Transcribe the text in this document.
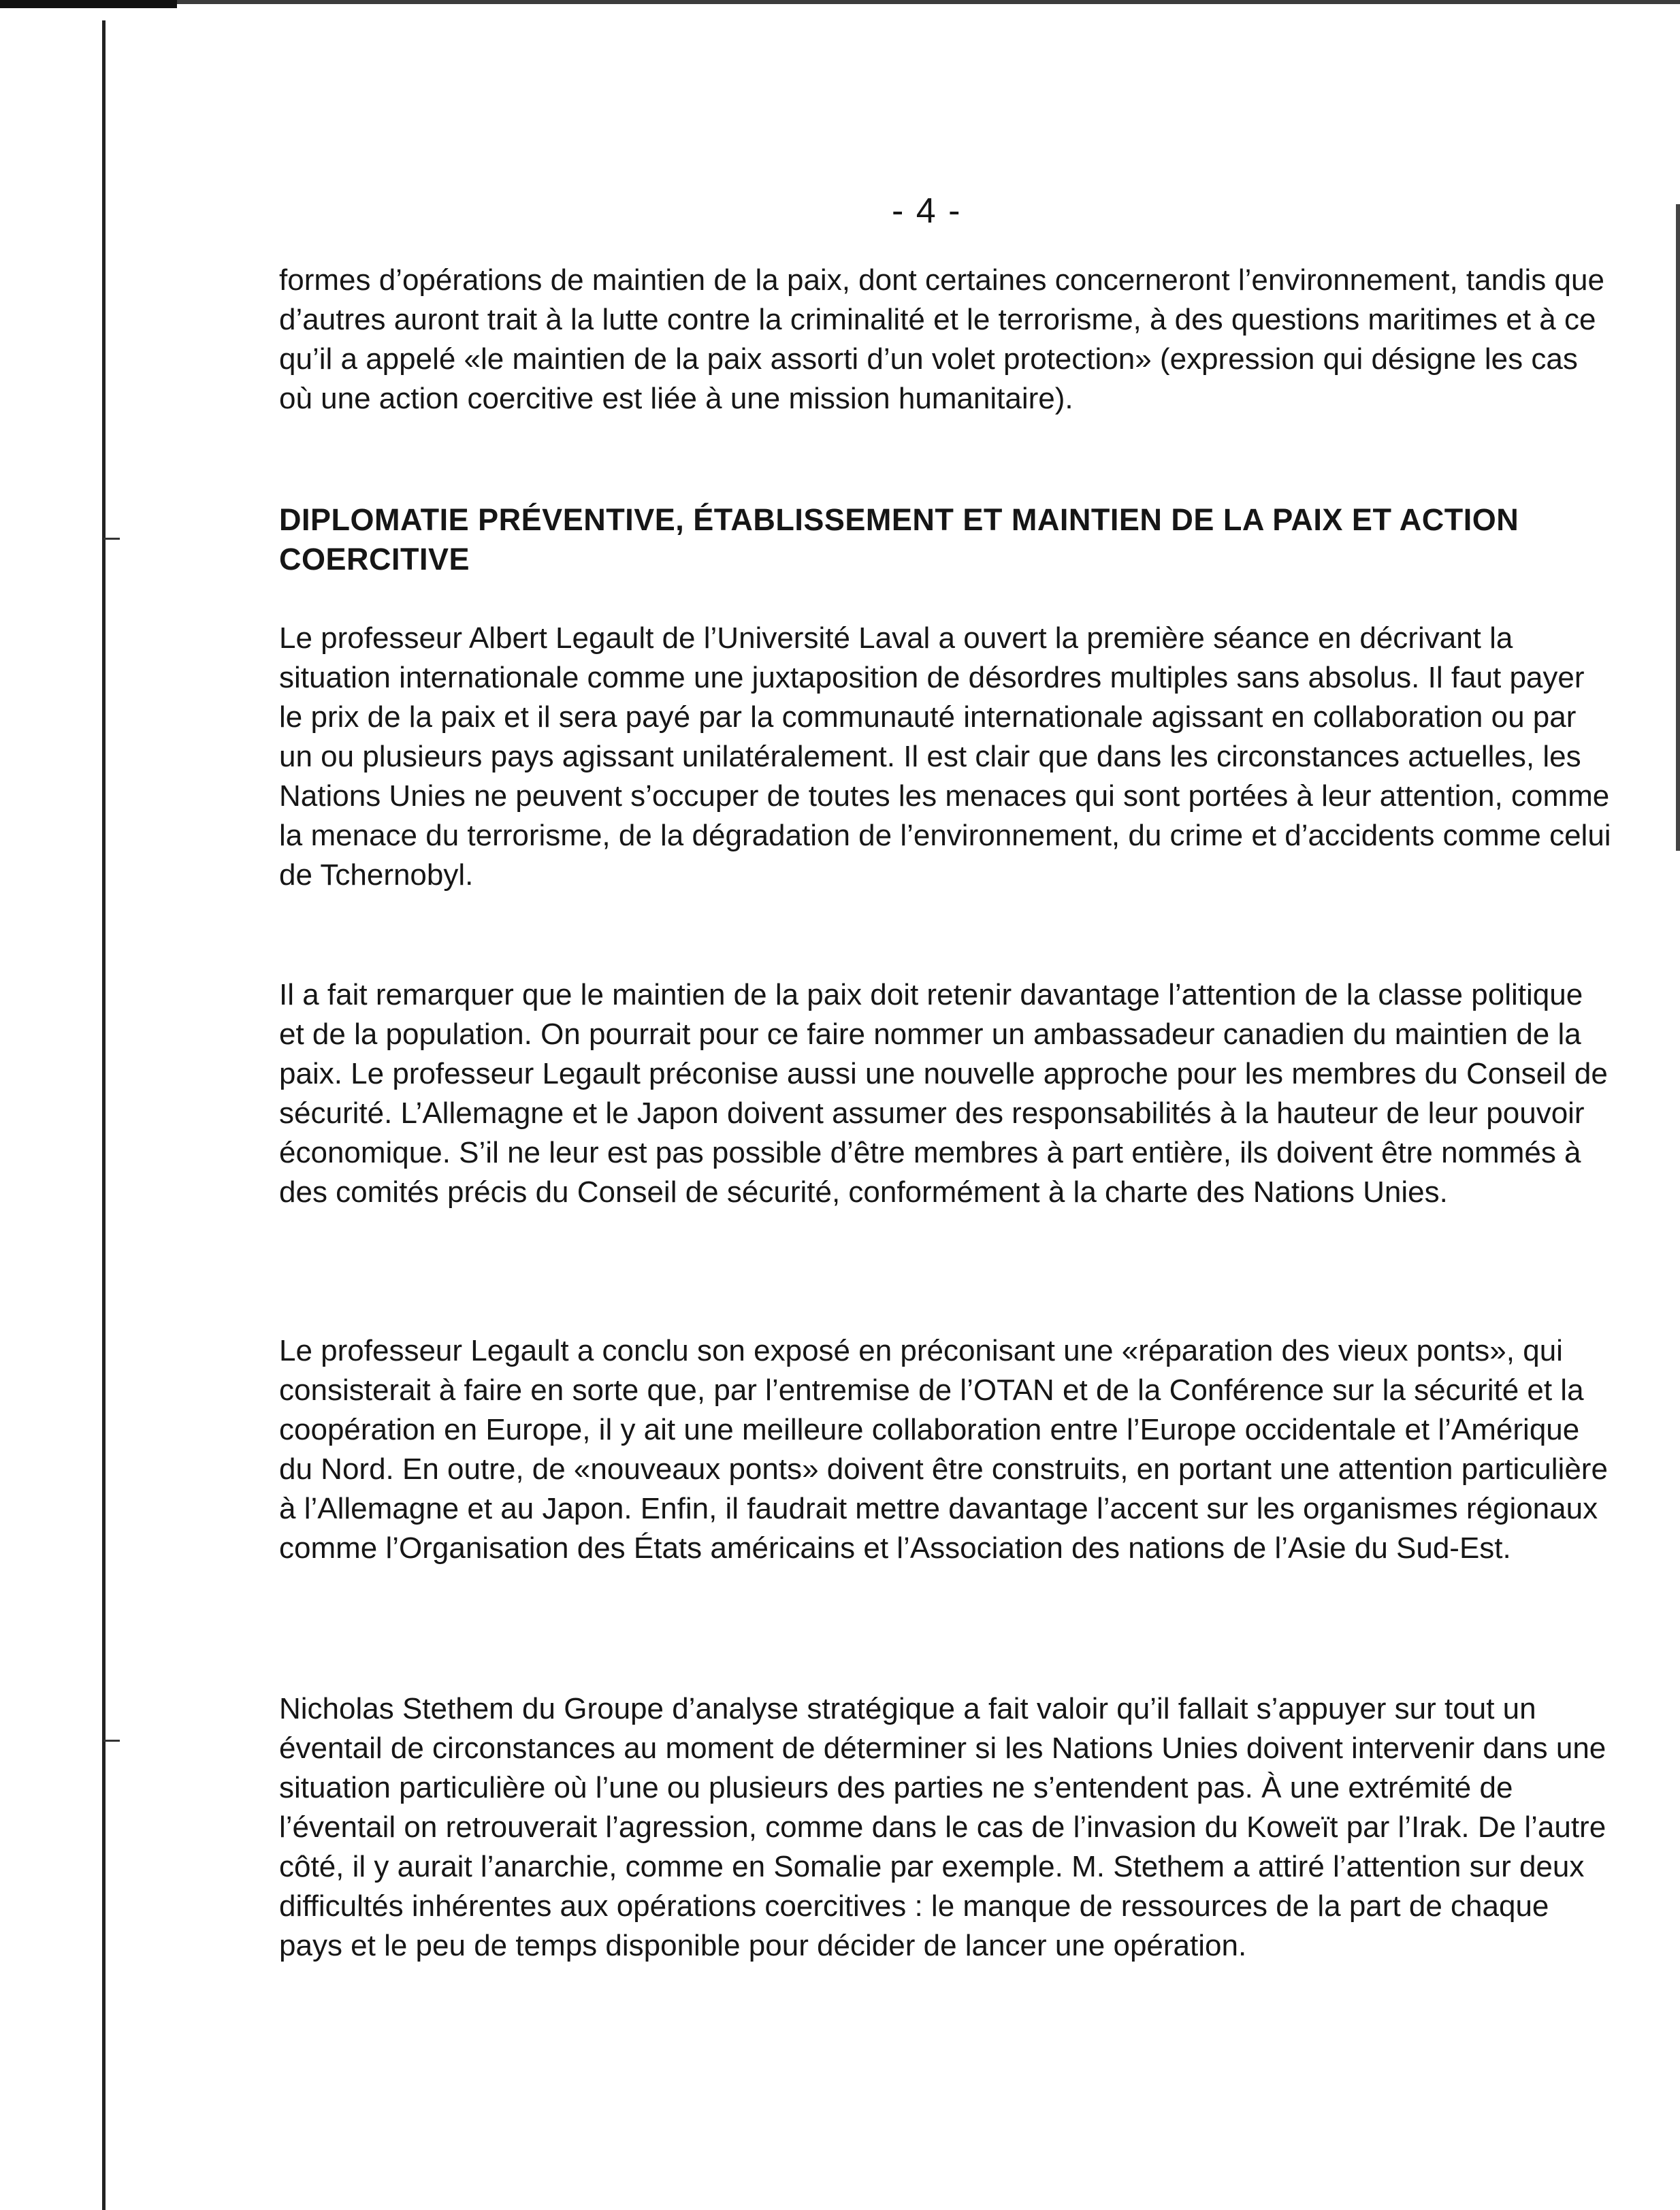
- 4 -

formes d’opérations de maintien de la paix, dont certaines concerneront l’environnement, tandis que d’autres auront trait à la lutte contre la criminalité et le terrorisme, à des questions maritimes et à ce qu’il a appelé «le maintien de la paix assorti d’un volet protection» (expression qui désigne les cas où une action coercitive est liée à une mission humanitaire).

DIPLOMATIE PRÉVENTIVE, ÉTABLISSEMENT ET MAINTIEN DE LA PAIX ET ACTION COERCITIVE

Le professeur Albert Legault de l’Université Laval a ouvert la première séance en décrivant la situation internationale comme une juxtaposition de désordres multiples sans absolus. Il faut payer le prix de la paix et il sera payé par la communauté internationale agissant en collaboration ou par un ou plusieurs pays agissant unilatéralement. Il est clair que dans les circonstances actuelles, les Nations Unies ne peuvent s’occuper de toutes les menaces qui sont portées à leur attention, comme la menace du terrorisme, de la dégradation de l’environnement, du crime et d’accidents comme celui de Tchernobyl.

Il a fait remarquer que le maintien de la paix doit retenir davantage l’attention de la classe politique et de la population. On pourrait pour ce faire nommer un ambassadeur canadien du maintien de la paix. Le professeur Legault préconise aussi une nouvelle approche pour les membres du Conseil de sécurité. L’Allemagne et le Japon doivent assumer des responsabilités à la hauteur de leur pouvoir économique. S’il ne leur est pas possible d’être membres à part entière, ils doivent être nommés à des comités précis du Conseil de sécurité, conformément à la charte des Nations Unies.

Le professeur Legault a conclu son exposé en préconisant une «réparation des vieux ponts», qui consisterait à faire en sorte que, par l’entremise de l’OTAN et de la Conférence sur la sécurité et la coopération en Europe, il y ait une meilleure collaboration entre l’Europe occidentale et l’Amérique du Nord. En outre, de «nouveaux ponts» doivent être construits, en portant une attention particulière à l’Allemagne et au Japon. Enfin, il faudrait mettre davantage l’accent sur les organismes régionaux comme l’Organisation des États américains et l’Association des nations de l’Asie du Sud-Est.

Nicholas Stethem du Groupe d’analyse stratégique a fait valoir qu’il fallait s’appuyer sur tout un éventail de circonstances au moment de déterminer si les Nations Unies doivent intervenir dans une situation particulière où l’une ou plusieurs des parties ne s’entendent pas. À une extrémité de l’éventail on retrouverait l’agression, comme dans le cas de l’invasion du Koweït par l’Irak. De l’autre côté, il y aurait l’anarchie, comme en Somalie par exemple. M. Stethem a attiré l’attention sur deux difficultés inhérentes aux opérations coercitives : le manque de ressources de la part de chaque pays et le peu de temps disponible pour décider de lancer une opération.
